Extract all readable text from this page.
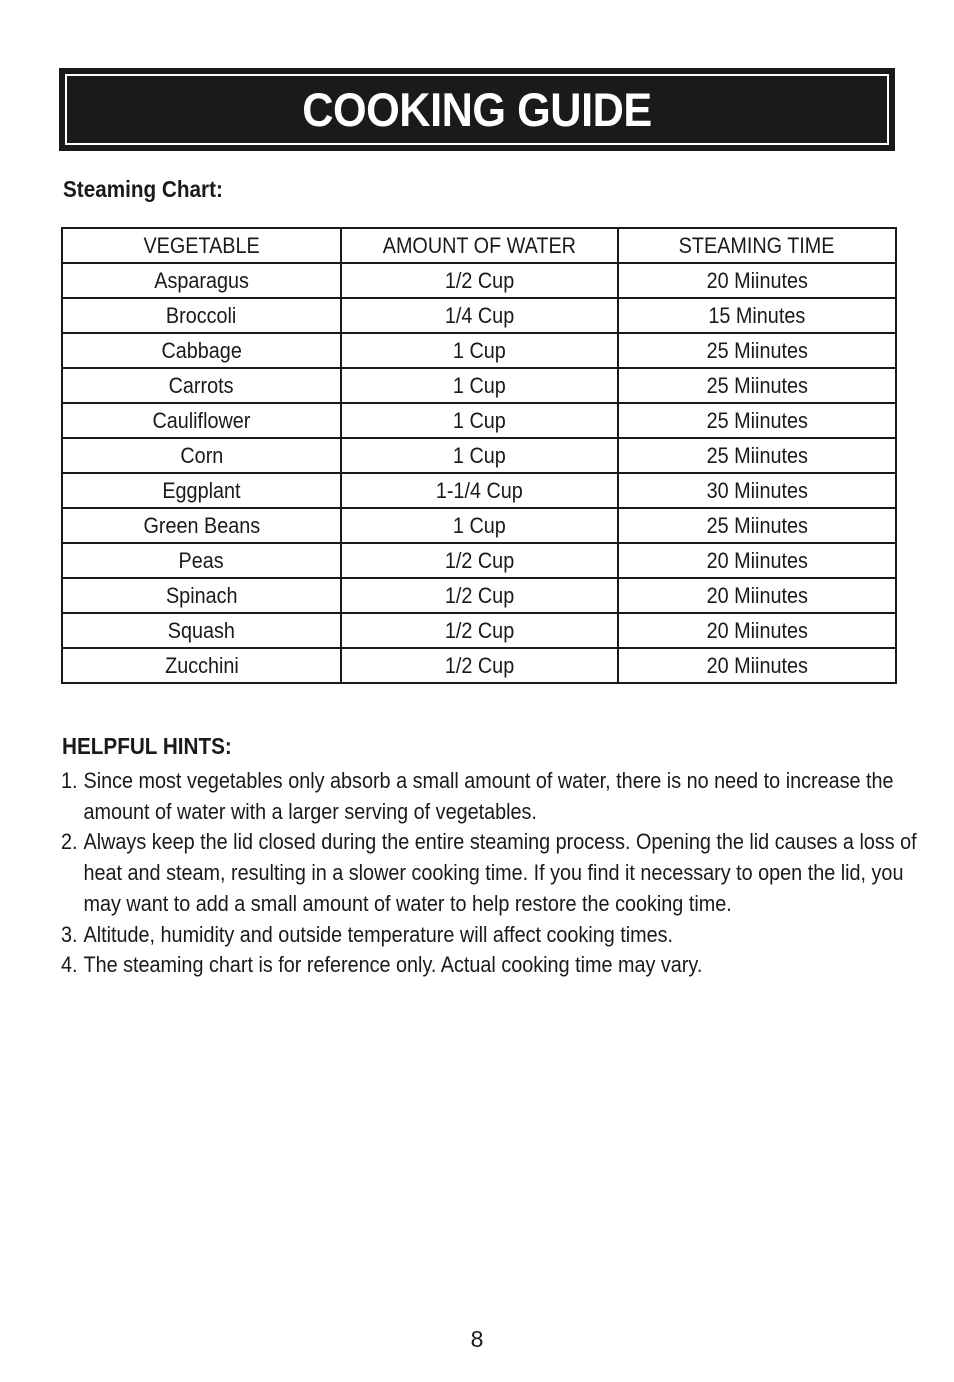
COOKING GUIDE
Steaming Chart:
VEGETABLE	AMOUNT OF WATER	STEAMING TIME
Asparagus	1/2 Cup	20 Miinutes
Broccoli	1/4 Cup	15 Minutes
Cabbage	1 Cup	25 Miinutes
Carrots	1 Cup	25 Miinutes
Cauliflower	1 Cup	25 Miinutes
Corn	1 Cup	25 Miinutes
Eggplant	1-1/4 Cup	30 Miinutes
Green Beans	1 Cup	25 Miinutes
Peas	1/2 Cup	20 Miinutes
Spinach	1/2 Cup	20 Miinutes
Squash	1/2 Cup	20 Miinutes
Zucchini	1/2 Cup	20 Miinutes
HELPFUL HINTS:
1. Since most vegetables only absorb a small amount of water, there is no need to increase the amount of water with a larger serving of vegetables.
2. Always keep the lid closed during the entire steaming process. Opening the lid causes a loss of heat and steam, resulting in a slower cooking time. If you find it necessary to open the lid, you may want to add a small amount of water to help restore the cooking time.
3. Altitude, humidity and outside temperature will affect cooking times.
4. The steaming chart is for reference only. Actual cooking time may vary.
8
